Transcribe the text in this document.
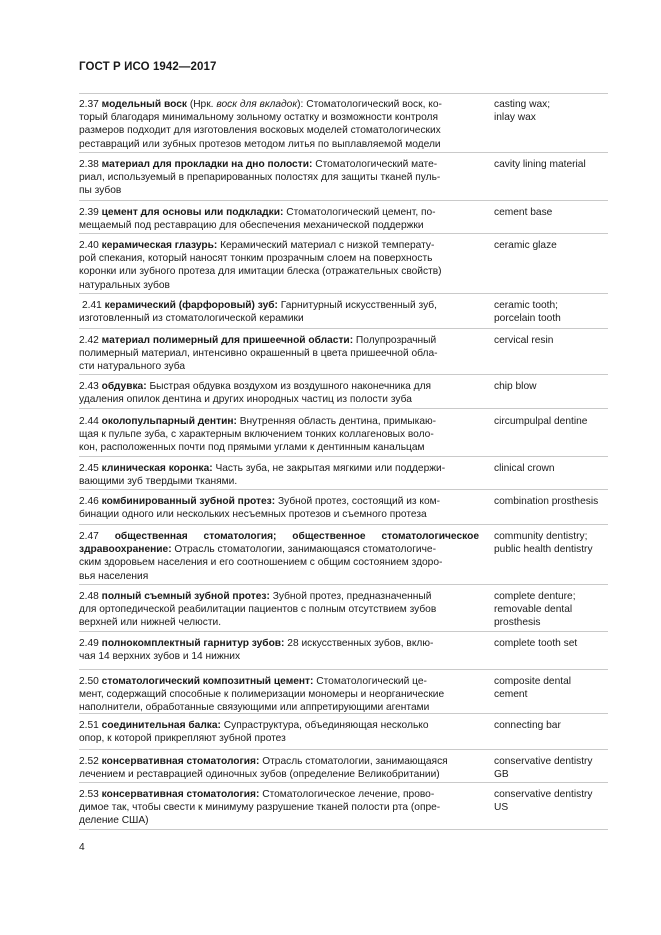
ГОСТ Р ИСО 1942—2017
2.37 модельный воск (Нрк. воск для вкладок): Стоматологический воск, ко-
торый благодаря минимальному зольному остатку и возможности контроля
размеров подходит для изготовления восковых моделей стоматологических
реставраций или зубных протезов методом литья по выплавляемой модели
casting wax;
inlay wax
2.38 материал для прокладки на дно полости: Стоматологический мате-
риал, используемый в препарированных полостях для защиты тканей пуль-
пы зубов
cavity lining material
2.39 цемент для основы или подкладки: Стоматологический цемент, по-
мещаемый под реставрацию для обеспечения механической поддержки
cement base
2.40 керамическая глазурь: Керамический материал с низкой температу-
рой спекания, который наносят тонким прозрачным слоем на поверхность
коронки или зубного протеза для имитации блеска (отражательных свойств)
натуральных зубов
ceramic glaze
2.41 керамический (фарфоровый) зуб: Гарнитурный искусственный зуб,
изготовленный из стоматологической керамики
ceramic tooth;
porcelain tooth
2.42 материал полимерный для пришеечной области: Полупрозрачный
полимерный материал, интенсивно окрашенный в цвета пришеечной обла-
сти натурального зуба
cervical resin
2.43 обдувка: Быстрая обдувка воздухом из воздушного наконечника для
удаления опилок дентина и других инородных частиц из полости зуба
chip blow
2.44 околопульпарный дентин: Внутренняя область дентина, примыкаю-
щая к пульпе зуба, с характерным включением тонких коллагеновых воло-
кон, расположенных почти под прямыми углами к дентинным канальцам
circumpulpal dentine
2.45 клиническая коронка: Часть зуба, не закрытая мягкими или поддержи-
вающими зуб твердыми тканями.
clinical crown
2.46 комбинированный зубной протез: Зубной протез, состоящий из ком-
бинации одного или нескольких несъемных протезов и съемного протеза
combination prosthesis
2.47 общественная стоматология; общественное стоматологическое
здравоохранение: Отрасль стоматологии, занимающаяся стоматологиче-
ским здоровьем населения и его соотношением с общим состоянием здоро-
вья населения
community dentistry;
public health dentistry
2.48 полный съемный зубной протез: Зубной протез, предназначенный
для ортопедической реабилитации пациентов с полным отсутствием зубов
верхней или нижней челюсти.
complete denture;
removable dental
prosthesis
2.49 полнокомплектный гарнитур зубов: 28 искусственных зубов, вклю-
чая 14 верхних зубов и 14 нижних
complete tooth set
2.50 стоматологический композитный цемент: Стоматологический це-
мент, содержащий способные к полимеризации мономеры и неорганические
наполнители, обработанные связующими или аппретирующими агентами
composite dental
cement
2.51 соединительная балка: Супраструктура, объединяющая несколько
опор, к которой прикрепляют зубной протез
connecting bar
2.52 консервативная стоматология: Отрасль стоматологии, занимающаяся
лечением и реставрацией одиночных зубов (определение Великобритании)
conservative dentistry
GB
2.53 консервативная стоматология: Стоматологическое лечение, прово-
димое так, чтобы свести к минимуму разрушение тканей полости рта (опре-
деление США)
conservative dentistry
US
4
